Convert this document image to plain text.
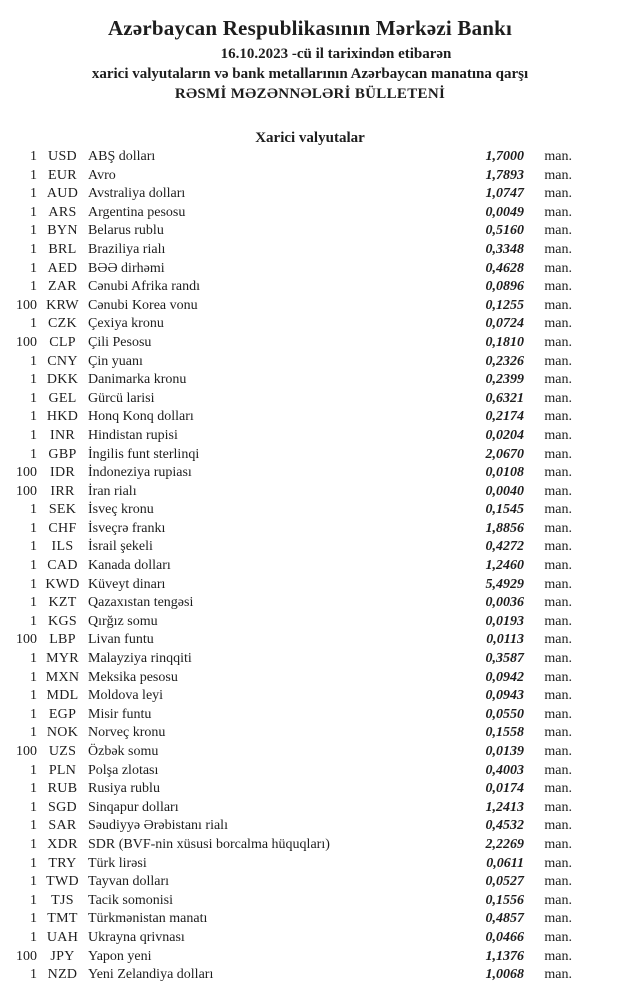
Azərbaycan Respublikasının Mərkəzi Bankı
16.10.2023 -cü il tarixindən etibarən
xarici valyutaların və bank metallarının Azərbaycan manatına qarşı
RƏSMİ MƏZƏNNƏLƏRİ BÜLLETENİ
Xarici valyutalar
1 USD ABŞ dolları	1,7000	man.
1 EUR Avro	1,7893	man.
1 AUD Avstraliya dolları	1,0747	man.
1 ARS Argentina pesosu	0,0049	man.
1 BYN Belarus rublu	0,5160	man.
1 BRL Braziliya rialı	0,3348	man.
1 AED BƏƏ dirhəmi	0,4628	man.
1 ZAR Cənubi Afrika randı	0,0896	man.
100 KRW Cənubi Korea vonu	0,1255	man.
1 CZK Çexiya kronu	0,0724	man.
100 CLP Çili Pesosu	0,1810	man.
1 CNY Çin yuanı	0,2326	man.
1 DKK Danimarka kronu	0,2399	man.
1 GEL Gürcü larisi	0,6321	man.
1 HKD Honq Konq dolları	0,2174	man.
1 INR Hindistan rupisi	0,0204	man.
1 GBP İngilis funt sterlinqi	2,0670	man.
100 IDR İndoneziya rupiası	0,0108	man.
100 IRR İran rialı	0,0040	man.
1 SEK İsveç kronu	0,1545	man.
1 CHF İsveçrə frankı	1,8856	man.
1	ILS	İsrail şekeli	0,4272	man.
1 CAD Kanada dolları	1,2460	man.
1 KWD Küveyt dinarı	5,4929	man.
1 KZT Qazaxıstan tengəsi	0,0036	man.
1 KGS Qırğız somu	0,0193	man.
100 LBP Livan funtu	0,0113	man.
1 MYR Malayziya rinqqiti	0,3587	man.
1 MXN Meksika pesosu	0,0942	man.
1 MDL Moldova leyi	0,0943	man.
1 EGP Misir funtu	0,0550	man.
1 NOK Norveç kronu	0,1558	man.
100 UZS Özbək somu	0,0139	man.
1 PLN Polşa zlotası	0,4003	man.
1 RUB Rusiya rublu	0,0174	man.
1 SGD Sinqapur dolları	1,2413	man.
1 SAR Səudiyyə Ərəbistanı rialı	0,4532	man.
1 XDR SDR (BVF-nin xüsusi borcalma hüquqları)	2,2269	man.
1 TRY Türk lirəsi	0,0611	man.
1 TWD Tayvan dolları	0,0527	man.
1	TJS	Tacik somonisi	0,1556	man.
1 TMT Türkmənistan manatı	0,4857	man.
1 UAH Ukrayna qrivnası	0,0466	man.
100 JPY Yapon yeni	1,1376	man.
1 NZD Yeni Zelandiya dolları	1,0068	man.
